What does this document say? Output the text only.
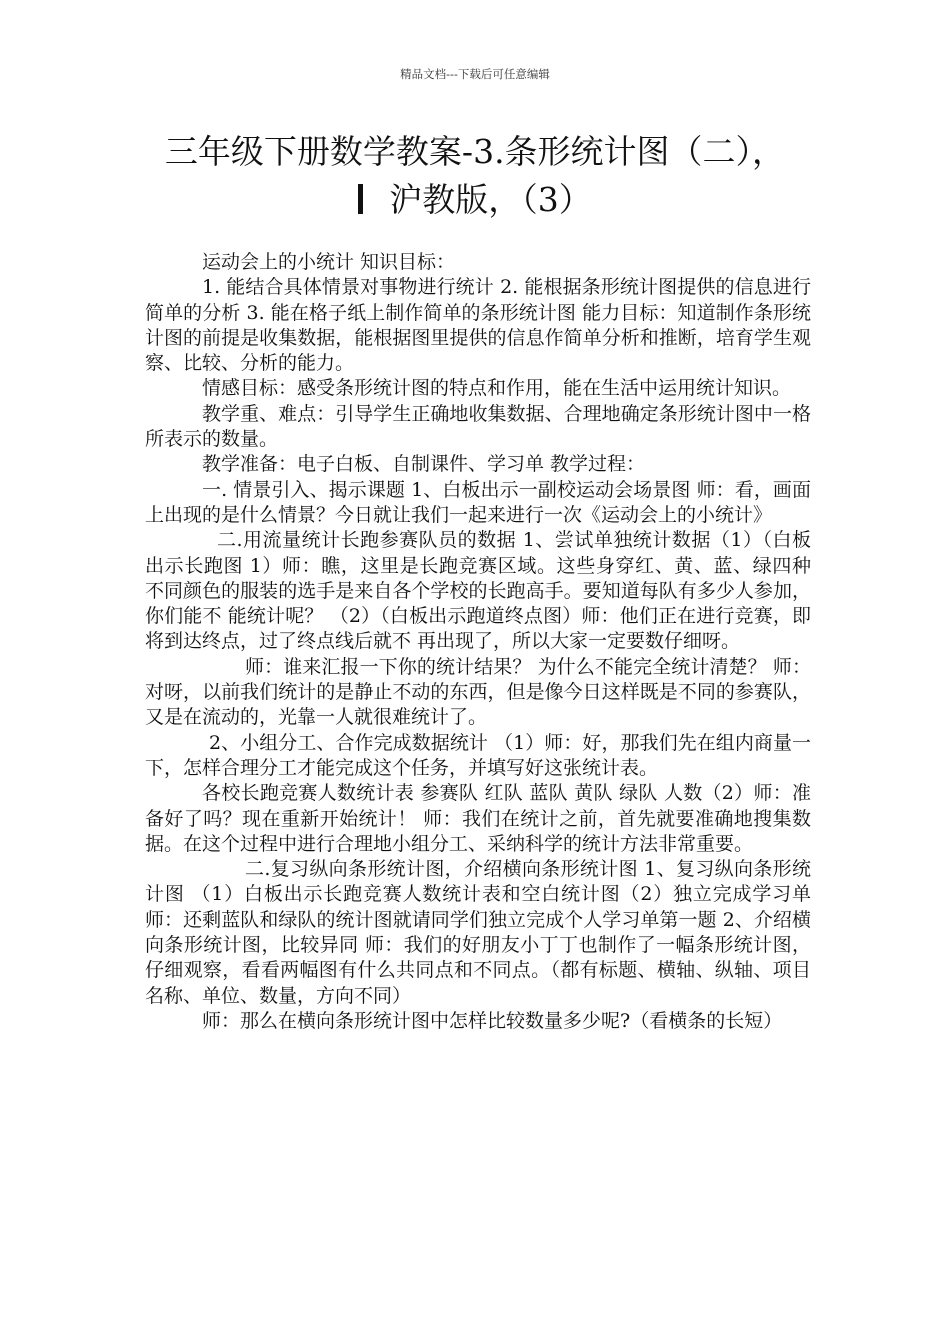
精品文档---下载后可任意编辑
三年级下册数学教案-3.条形统计图（二），
沪教版，（3）

运动会上的小统计 知识目标：

1. 能结合具体情景对事物进行统计 2. 能根据条形统计图提供的信息进行简单的分析 3. 能在格子纸上制作简单的条形统计图 能力目标：知道制作条形统计图的前提是收集数据，能根据图里提供的信息作简单分析和推断，培育学生观察、比较、分析的能力。

情感目标：感受条形统计图的特点和作用，能在生活中运用统计知识。

教学重、难点：引导学生正确地收集数据、合理地确定条形统计图中一格所表示的数量。

教学准备：电子白板、自制课件、学习单 教学过程：

一. 情景引入、揭示课题 1、白板出示一副校运动会场景图 师：看，画面上出现的是什么情景？今日就让我们一起来进行一次《运动会上的小统计》

二.用流量统计长跑参赛队员的数据 1、尝试单独统计数据（1）（白板出示长跑图 1）师：瞧，这里是长跑竞赛区域。这些身穿红、黄、蓝、绿四种 不同颜色的服装的选手是来自各个学校的长跑高手。要知道每队有多少人参加，你们能不 能统计呢？ （2）（白板出示跑道终点图）师：他们正在进行竞赛，即将到达终点，过了终点线后就不 再出现了，所以大家一定要数仔细呀。

师：谁来汇报一下你的统计结果？ 为什么不能完全统计清楚？ 师：对呀，以前我们统计的是静止不动的东西，但是像今日这样既是不同的参赛队，又是在流动的，光靠一人就很难统计了。

2、小组分工、合作完成数据统计 （1）师：好，那我们先在组内商量一下，怎样合理分工才能完成这个任务，并填写好这张统计表。

各校长跑竞赛人数统计表 参赛队 红队 蓝队 黄队 绿队 人数（2）师：准备好了吗？现在重新开始统计！ 师：我们在统计之前，首先就要准确地搜集数据。在这个过程中进行合理地小组分工、采纳科学的统计方法非常重要。

二.复习纵向条形统计图，介绍横向条形统计图 1、复习纵向条形统计图 （1）白板出示长跑竞赛人数统计表和空白统计图（2）独立完成学习单 师：还剩蓝队和绿队的统计图就请同学们独立完成个人学习单第一题 2、介绍横向条形统计图，比较异同 师：我们的好朋友小丁丁也制作了一幅条形统计图，仔细观察，看看两幅图有什么共同点和不同点。（都有标题、横轴、纵轴、项目名称、单位、数量，方向不同）

师：那么在横向条形统计图中怎样比较数量多少呢?（看横条的长短）
